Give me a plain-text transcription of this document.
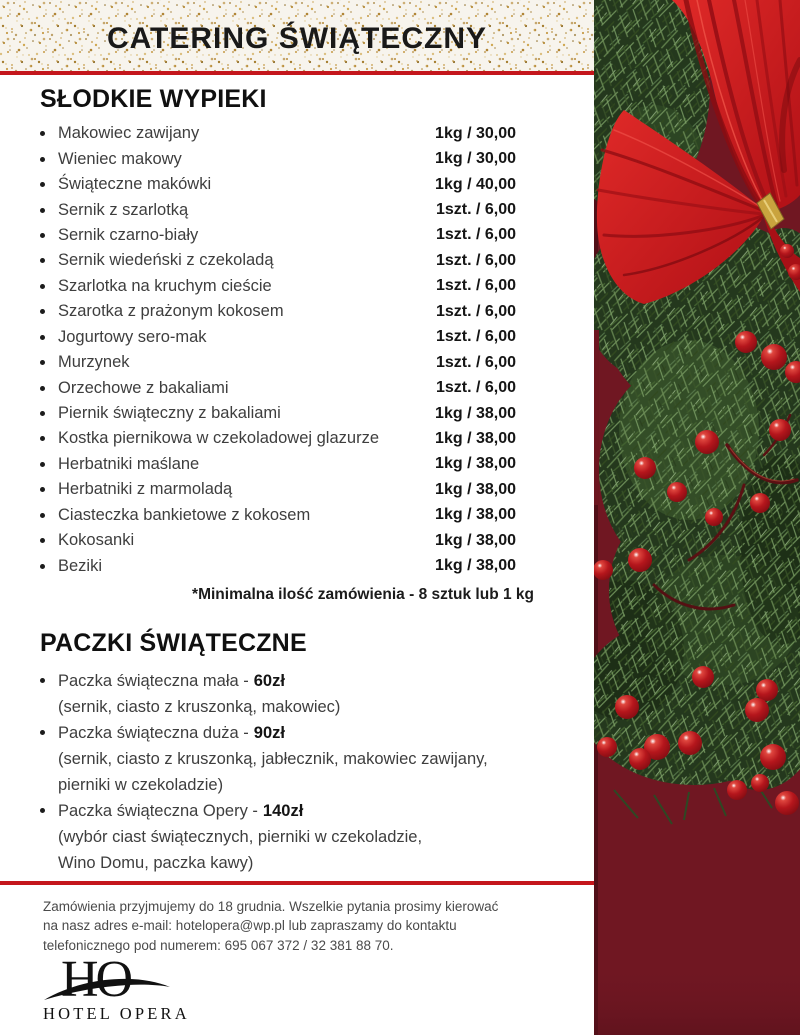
CATERING ŚWIĄTECZNY
SŁODKIE WYPIEKI
Makowiec zawijany	1kg / 30,00
Wieniec makowy	1kg / 30,00
Świąteczne makówki	1kg / 40,00
Sernik z szarlotką	1szt. / 6,00
Sernik czarno-biały	1szt. / 6,00
Sernik wiedeński z czekoladą	1szt. / 6,00
Szarlotka na kruchym cieście	1szt. / 6,00
Szarotka z prażonym kokosem	1szt. / 6,00
Jogurtowy sero-mak	1szt. / 6,00
Murzynek	1szt. / 6,00
Orzechowe z bakaliami	1szt. / 6,00
Piernik świąteczny z bakaliami	1kg / 38,00
Kostka piernikowa w czekoladowej glazurze	1kg / 38,00
Herbatniki maślane	1kg / 38,00
Herbatniki z marmoladą	1kg / 38,00
Ciasteczka bankietowe z kokosem	1kg / 38,00
Kokosanki	1kg / 38,00
Beziki	1kg / 38,00

*Minimalna ilość zamówienia - 8 sztuk lub 1 kg

PACZKI ŚWIĄTECZNE
Paczka świąteczna mała - 60zł
(sernik, ciasto z kruszonką, makowiec)
Paczka świąteczna duża - 90zł
(sernik, ciasto z kruszonką, jabłecznik, makowiec zawijany,
pierniki w czekoladzie)
Paczka świąteczna Opery - 140zł
(wybór ciast świątecznych, pierniki w czekoladzie,
Wino Domu, paczka kawy)
Zamówienia przyjmujemy do 18 grudnia. Wszelkie pytania prosimy kierować
na nasz adres e-mail: hotelopera@wp.pl lub zapraszamy do kontaktu
telefonicznego pod numerem: 695 067 372 / 32 381 88 70.
HO
HOTEL OPERA
